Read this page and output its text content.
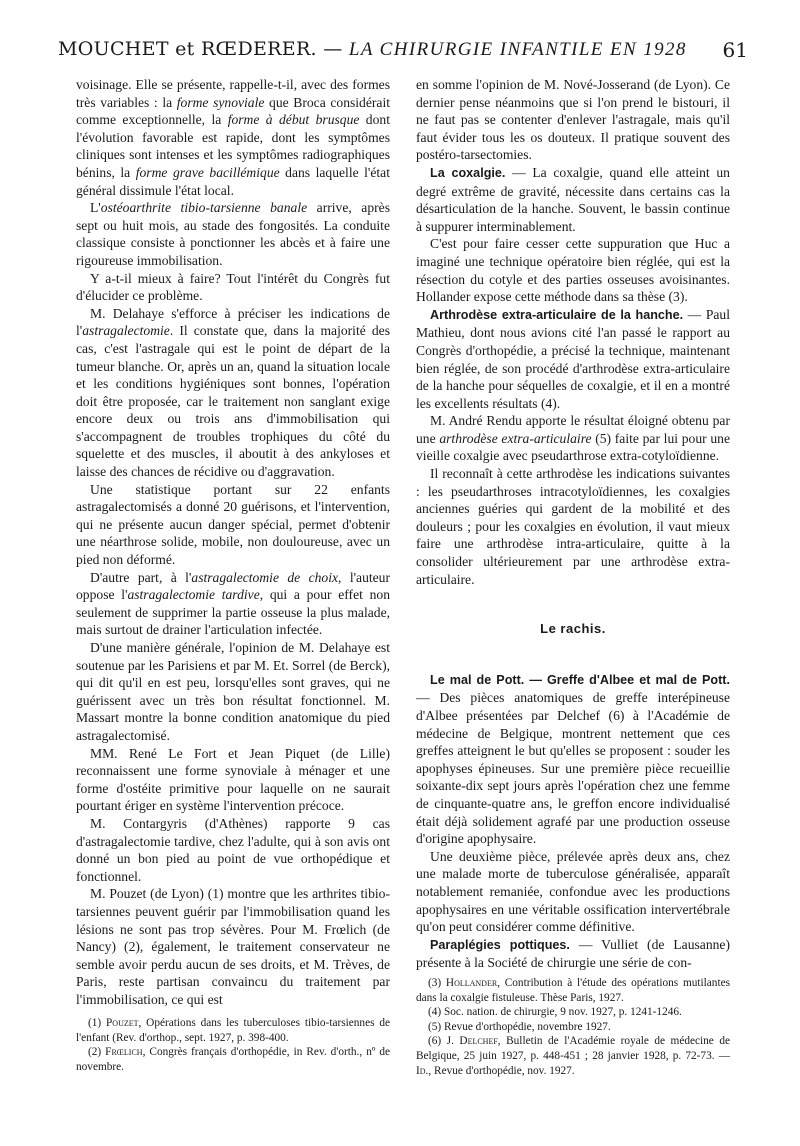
MOUCHET et RŒDERER. — LA CHIRURGIE INFANTILE EN 1928 61

voisinage. Elle se présente, rappelle-t-il, avec des formes très variables : la forme synoviale que Broca considérait comme exceptionnelle, la forme à début brusque dont l'évolution favorable est rapide, dont les symptômes cliniques sont intenses et les symptômes radiographiques bénins, la forme grave bacillémique dans laquelle l'état général dissimule l'état local.

L'ostéoarthrite tibio-tarsienne banale arrive, après sept ou huit mois, au stade des fongosités. La conduite classique consiste à ponctionner les abcès et à faire une rigoureuse immobilisation.

Y a-t-il mieux à faire? Tout l'intérêt du Congrès fut d'élucider ce problème.

M. Delahaye s'efforce à préciser les indications de l'astragalectomie. Il constate que, dans la majorité des cas, c'est l'astragale qui est le point de départ de la tumeur blanche. Or, après un an, quand la situation locale et les conditions hygiéniques sont bonnes, l'opération doit être proposée, car le traitement non sanglant exige encore deux ou trois ans d'immobilisation qui s'accompagnent de troubles trophiques du côté du squelette et des muscles, il aboutit à des ankyloses et laisse des chances de récidive ou d'aggravation.

Une statistique portant sur 22 enfants astragalectomisés a donné 20 guérisons, et l'intervention, qui ne présente aucun danger spécial, permet d'obtenir une néarthrose solide, mobile, non douloureuse, avec un pied non déformé.

D'autre part, à l'astragalectomie de choix, l'auteur oppose l'astragalectomie tardive, qui a pour effet non seulement de supprimer la partie osseuse la plus malade, mais surtout de drainer l'articulation infectée.

D'une manière générale, l'opinion de M. Delahaye est soutenue par les Parisiens et par M. Et. Sorrel (de Berck), qui dit qu'il en est peu, lorsqu'elles sont graves, qui ne guérissent avec un très bon résultat fonctionnel. M. Massart montre la bonne condition anatomique du pied astragalectomisé.

MM. René Le Fort et Jean Piquet (de Lille) reconnaissent une forme synoviale à ménager et une forme d'ostéite primitive pour laquelle on ne saurait pourtant ériger en système l'intervention précoce.

M. Contargyris (d'Athènes) rapporte 9 cas d'astragalectomie tardive, chez l'adulte, qui à son avis ont donné un bon pied au point de vue orthopédique et fonctionnel.

M. Pouzet (de Lyon) (1) montre que les arthrites tibio-tarsiennes peuvent guérir par l'immobilisation quand les lésions ne sont pas trop sévères. Pour M. Frœlich (de Nancy) (2), également, le traitement conservateur ne semble avoir perdu aucun de ses droits, et M. Trèves, de Paris, reste partisan convaincu du traitement par l'immobilisation, ce qui est

(1) Pouzet, Opérations dans les tuberculoses tibio-tarsiennes de l'enfant (Rev. d'orthop., sept. 1927, p. 398-400.

(2) Frœlich, Congrès français d'orthopédie, in Rev. d'orth., nº de novembre.

en somme l'opinion de M. Nové-Josserand (de Lyon). Ce dernier pense néanmoins que si l'on prend le bistouri, il ne faut pas se contenter d'enlever l'astragale, mais qu'il faut évider tous les os douteux. Il pratique souvent des postéro-tarsectomies.

La coxalgie. — La coxalgie, quand elle atteint un degré extrême de gravité, nécessite dans certains cas la désarticulation de la hanche. Souvent, le bassin continue à suppurer interminablement.

C'est pour faire cesser cette suppuration que Huc a imaginé une technique opératoire bien réglée, qui est la résection du cotyle et des parties osseuses avoisinantes. Hollander expose cette méthode dans sa thèse (3).

Arthrodèse extra-articulaire de la hanche. — Paul Mathieu, dont nous avions cité l'an passé le rapport au Congrès d'orthopédie, a précisé la technique, maintenant bien réglée, de son procédé d'arthrodèse extra-articulaire de la hanche pour séquelles de coxalgie, et il en a montré les excellents résultats (4).

M. André Rendu apporte le résultat éloigné obtenu par une arthrodèse extra-articulaire (5) faite par lui pour une vieille coxalgie avec pseudarthrose extra-cotyloïdienne.

Il reconnaît à cette arthrodèse les indications suivantes : les pseudarthroses intracotyloïdiennes, les coxalgies anciennes guéries qui gardent de la mobilité et des douleurs ; pour les coxalgies en évolution, il vaut mieux faire une arthrodèse intra-articulaire, quitte à la consolider ultérieurement par une arthrodèse extra-articulaire.

Le rachis.

Le mal de Pott. — Greffe d'Albee et mal de Pott. — Des pièces anatomiques de greffe interépineuse d'Albee présentées par Delchef (6) à l'Académie de médecine de Belgique, montrent nettement que ces greffes atteignent le but qu'elles se proposent : souder les apophyses épineuses. Sur une première pièce recueillie soixante-dix sept jours après l'opération chez une femme de cinquante-quatre ans, le greffon encore individualisé était déjà solidement agrafé par une production osseuse d'origine apophysaire.

Une deuxième pièce, prélevée après deux ans, chez une malade morte de tuberculose généralisée, apparaît notablement remaniée, confondue avec les productions apophysaires en une véritable ossification intervertébrale qu'on peut considérer comme définitive.

Paraplégies pottiques. — Vulliet (de Lausanne) présente à la Société de chirurgie une série de con-

(3) Hollander, Contribution à l'étude des opérations mutilantes dans la coxalgie fistuleuse. Thèse Paris, 1927.

(4) Soc. nation. de chirurgie, 9 nov. 1927, p. 1241-1246.

(5) Revue d'orthopédie, novembre 1927.

(6) J. Delchef, Bulletin de l'Académie royale de médecine de Belgique, 25 juin 1927, p. 448-451 ; 28 janvier 1928, p. 72-73. — Id., Revue d'orthopédie, nov. 1927.
